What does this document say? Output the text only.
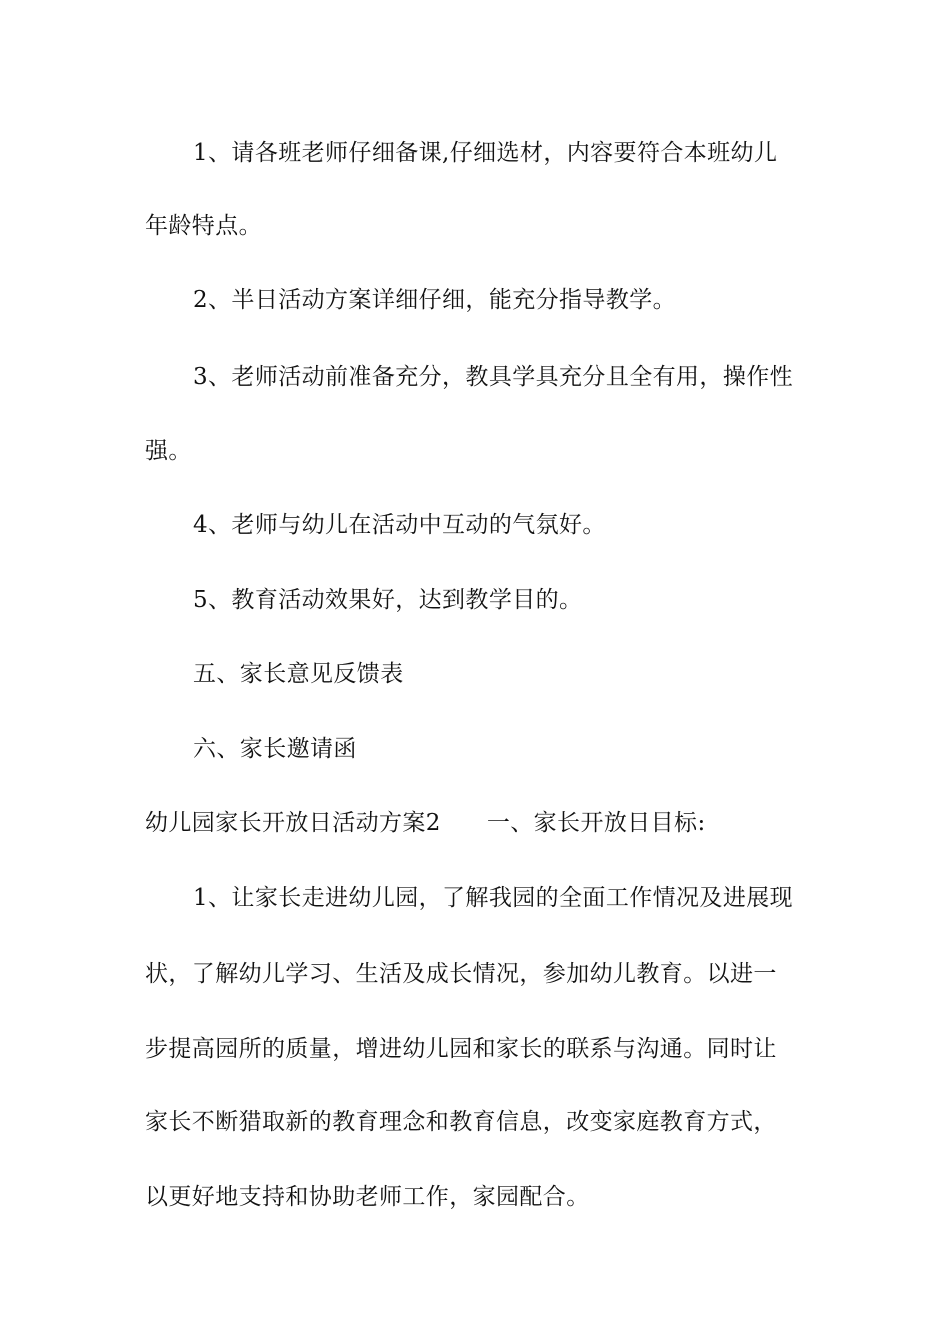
1、请各班老师仔细备课,仔细选材，内容要符合本班幼儿
年龄特点。
2、半日活动方案详细仔细，能充分指导教学。
3、老师活动前准备充分，教具学具充分且全有用，操作性
强。
4、老师与幼儿在活动中互动的气氛好。
5、教育活动效果好，达到教学目的。
五、家长意见反馈表
六、家长邀请函
幼儿园家长开放日活动方案2 一、家长开放日目标:
1、让家长走进幼儿园，了解我园的全面工作情况及进展现
状，了解幼儿学习、生活及成长情况，参加幼儿教育。以进一
步提高园所的质量，增进幼儿园和家长的联系与沟通。同时让
家长不断猎取新的教育理念和教育信息，改变家庭教育方式，
以更好地支持和协助老师工作，家园配合。
